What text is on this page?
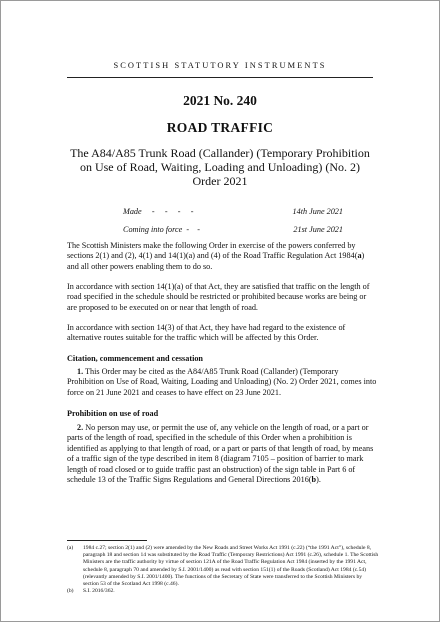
SCOTTISH STATUTORY INSTRUMENTS
2021 No. 240
ROAD TRAFFIC
The A84/A85 Trunk Road (Callander) (Temporary Prohibition on Use of Road, Waiting, Loading and Unloading) (No. 2) Order 2021
Made     -     -     -     -	14th June 2021
Coming into force  -    -	21st June 2021
The Scottish Ministers make the following Order in exercise of the powers conferred by sections 2(1) and (2), 4(1) and 14(1)(a) and (4) of the Road Traffic Regulation Act 1984(a) and all other powers enabling them to do so.
In accordance with section 14(1)(a) of that Act, they are satisfied that traffic on the length of road specified in the schedule should be restricted or prohibited because works are being or are proposed to be executed on or near that length of road.
In accordance with section 14(3) of that Act, they have had regard to the existence of alternative routes suitable for the traffic which will be affected by this Order.
Citation, commencement and cessation
1. This Order may be cited as the A84/A85 Trunk Road (Callander) (Temporary Prohibition on Use of Road, Waiting, Loading and Unloading) (No. 2) Order 2021, comes into force on 21 June 2021 and ceases to have effect on 23 June 2021.
Prohibition on use of road
2. No person may use, or permit the use of, any vehicle on the length of road, or a part or parts of the length of road, specified in the schedule of this Order when a prohibition is identified as applying to that length of road, or a part or parts of that length of road, by means of a traffic sign of the type described in item 8 (diagram 7105 – position of barrier to mark length of road closed or to guide traffic past an obstruction) of the sign table in Part 6 of schedule 13 of the Traffic Signs Regulations and General Directions 2016(b).
(a)	1984 c.27; section 2(1) and (2) were amended by the New Roads and Street Works Act 1991 (c.22) (“the 1991 Act”), schedule 8, paragraph 18 and section 14 was substituted by the Road Traffic (Temporary Restrictions) Act 1991 (c.26), schedule 1. The Scottish Ministers are the traffic authority by virtue of section 121A of the Road Traffic Regulation Act 1984 (inserted by the 1991 Act, schedule 8, paragraph 70 and amended by S.I. 2001/1400) as read with section 151(1) of the Roads (Scotland) Act 1984 (c.54) (relevantly amended by S.I. 2001/1400). The functions of the Secretary of State were transferred to the Scottish Ministers by section 53 of the Scotland Act 1998 (c.46).
(b)	S.I. 2016/362.
